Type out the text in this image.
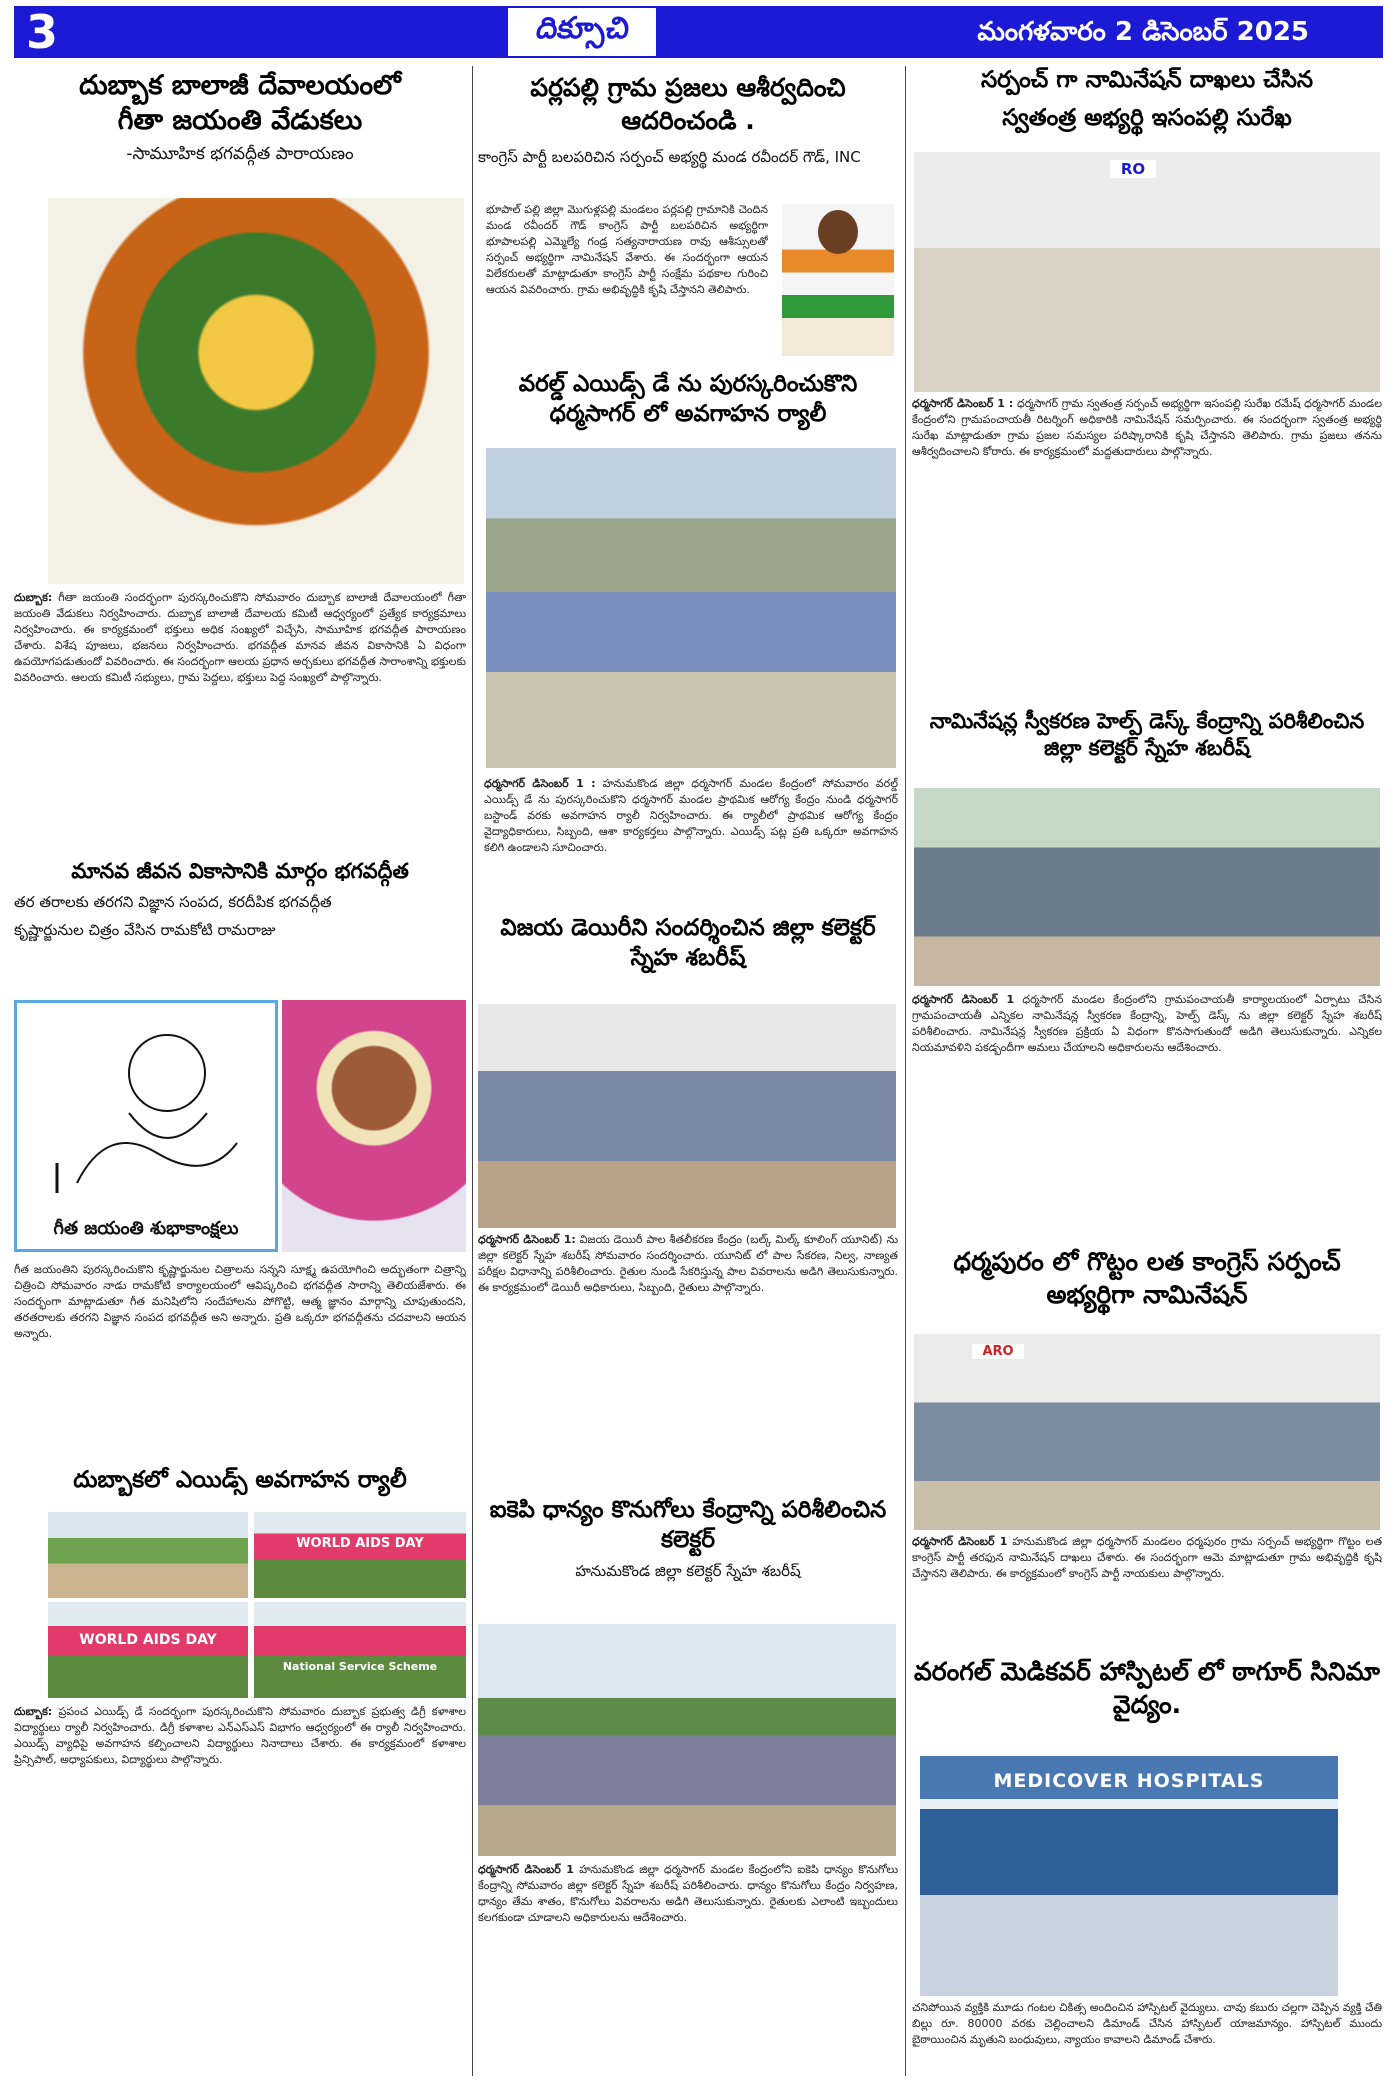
3	దిక్సూచి	మంగళవారం 2 డిసెంబర్ 2025
దుబ్బాక బాలాజీ దేవాలయంలో
గీతా జయంతి వేడుకలు
-సామూహిక భగవద్గీత పారాయణం
దుబ్బాక: గీతా జయంతి సందర్భంగా పురస్కరించుకొని సోమవారం దుబ్బాక బాలాజీ దేవాలయంలో గీతా జయంతి వేడుకలు నిర్వహించారు. దుబ్బాక బాలాజీ దేవాలయ కమిటీ ఆధ్వర్యంలో ప్రత్యేక కార్యక్రమాలు నిర్వహించారు. ఈ కార్యక్రమంలో భక్తులు అధిక సంఖ్యలో విచ్చేసి, సామూహిక భగవద్గీత పారాయణం చేశారు. విశేష పూజలు, భజనలు నిర్వహించారు. భగవద్గీత మానవ జీవన వికాసానికి ఏ విధంగా ఉపయోగపడుతుందో వివరించారు. ఈ సందర్భంగా ఆలయ ప్రధాన అర్చకులు భగవద్గీత సారాంశాన్ని భక్తులకు వివరించారు. ఆలయ కమిటీ సభ్యులు, గ్రామ పెద్దలు, భక్తులు పెద్ద సంఖ్యలో పాల్గొన్నారు.
మానవ జీవన వికాసానికి మార్గం భగవద్గీత
తర తరాలకు తరగని విజ్ఞాన సంపద, కరదీపిక భగవద్గీత
కృష్ణార్జునుల చిత్రం వేసిన రామకోటి రామరాజు
గీత జయంతి శుభాకాంక్షలు
గీత జయంతిని పురస్కరించుకొని కృష్ణార్జునుల చిత్రాలను సన్నని సూక్ష్మ ఉపయోగించి అద్భుతంగా చిత్రాన్ని చిత్రించి సోమవారం నాడు రామకోటి కార్యాలయంలో ఆవిష్కరించి భగవద్గీత సారాన్ని తెలియజేశారు. ఈ సందర్భంగా మాట్లాడుతూ గీత మనిషిలోని సందేహాలను పోగొట్టి, ఆత్మ జ్ఞానం మార్గాన్ని చూపుతుందని, తరతరాలకు తరగని విజ్ఞాన సంపద భగవద్గీత అని అన్నారు. ప్రతి ఒక్కరూ భగవద్గీతను చదవాలని ఆయన అన్నారు.
దుబ్బాకలో ఎయిడ్స్ అవగాహన ర్యాలీ
WORLD AIDS DAY
WORLD AIDS DAY
National Service Scheme
దుబ్బాక: ప్రపంచ ఎయిడ్స్ డే సందర్భంగా పురస్కరించుకొని సోమవారం దుబ్బాక ప్రభుత్వ డిగ్రీ కళాశాల విద్యార్థులు ర్యాలీ నిర్వహించారు. డిగ్రీ కళాశాల ఎన్ఎస్ఎస్ విభాగం ఆధ్వర్యంలో ఈ ర్యాలీ నిర్వహించారు. ఎయిడ్స్ వ్యాధిపై అవగాహన కల్పించాలని విద్యార్థులు నినాదాలు చేశారు. ఈ కార్యక్రమంలో కళాశాల ప్రిన్సిపాల్, అధ్యాపకులు, విద్యార్థులు పాల్గొన్నారు.
పర్లపల్లి గ్రామ ప్రజలు ఆశీర్వదించి ఆదరించండి .
కాంగ్రెస్ పార్టీ బలపరిచిన సర్పంచ్ అభ్యర్థి మండ రవీందర్ గౌడ్, INC
భూపాల్ పల్లి జిల్లా మొగుళ్లపల్లి మండలం పర్లపల్లి గ్రామానికి చెందిన మండ రవీందర్ గౌడ్ కాంగ్రెస్ పార్టీ బలపరిచిన అభ్యర్థిగా భూపాలపల్లి ఎమ్మెల్యే గండ్ర సత్యనారాయణ రావు ఆశీస్సులతో సర్పంచ్ అభ్యర్థిగా నామినేషన్ వేశారు. ఈ సందర్భంగా ఆయన విలేకరులతో మాట్లాడుతూ కాంగ్రెస్ పార్టీ సంక్షేమ పథకాల గురించి ఆయన వివరించారు. గ్రామ అభివృద్ధికి కృషి చేస్తానని తెలిపారు.
వరల్డ్ ఎయిడ్స్ డే ను పురస్కరించుకొని ధర్మసాగర్ లో అవగాహన ర్యాలీ
ధర్మసాగర్ డిసెంబర్ 1 : హనుమకొండ జిల్లా ధర్మసాగర్ మండల కేంద్రంలో సోమవారం వరల్డ్ ఎయిడ్స్ డే ను పురస్కరించుకొని ధర్మసాగర్ మండల ప్రాథమిక ఆరోగ్య కేంద్రం నుండి ధర్మసాగర్ బస్టాండ్ వరకు అవగాహన ర్యాలీ నిర్వహించారు. ఈ ర్యాలీలో ప్రాథమిక ఆరోగ్య కేంద్రం వైద్యాధికారులు, సిబ్బంది, ఆశా కార్యకర్తలు పాల్గొన్నారు. ఎయిడ్స్ పట్ల ప్రతి ఒక్కరూ అవగాహన కలిగి ఉండాలని సూచించారు.
విజయ డెయిరీని సందర్శించిన జిల్లా కలెక్టర్ స్నేహ శబరీష్
ధర్మసాగర్ డిసెంబర్ 1: విజయ డెయిరీ పాల శీతలీకరణ కేంద్రం (బల్క్ మిల్క్ కూలింగ్ యూనిట్) ను జిల్లా కలెక్టర్ స్నేహ శబరీష్ సోమవారం సందర్శించారు. యూనిట్ లో పాల సేకరణ, నిల్వ, నాణ్యత పరీక్షల విధానాన్ని పరిశీలించారు. రైతుల నుండి సేకరిస్తున్న పాల వివరాలను అడిగి తెలుసుకున్నారు. ఈ కార్యక్రమంలో డెయిరీ అధికారులు, సిబ్బంది, రైతులు పాల్గొన్నారు.
ఐకెపి ధాన్యం కొనుగోలు కేంద్రాన్ని పరిశీలించిన కలెక్టర్
హనుమకొండ జిల్లా కలెక్టర్ స్నేహ శబరీష్
ధర్మసాగర్ డిసెంబర్ 1 హనుమకొండ జిల్లా ధర్మసాగర్ మండల కేంద్రంలోని ఐకెపి ధాన్యం కొనుగోలు కేంద్రాన్ని సోమవారం జిల్లా కలెక్టర్ స్నేహ శబరీష్ పరిశీలించారు. ధాన్యం కొనుగోలు కేంద్రం నిర్వహణ, ధాన్యం తేమ శాతం, కొనుగోలు వివరాలను అడిగి తెలుసుకున్నారు. రైతులకు ఎలాంటి ఇబ్బందులు కలగకుండా చూడాలని అధికారులను ఆదేశించారు.
సర్పంచ్ గా నామినేషన్ దాఖలు చేసిన
స్వతంత్ర అభ్యర్థి ఇసంపల్లి సురేఖ
RO
ధర్మసాగర్ డిసెంబర్ 1 : ధర్మసాగర్ గ్రామ స్వతంత్ర సర్పంచ్ అభ్యర్థిగా ఇసంపల్లి సురేఖ రమేష్ ధర్మసాగర్ మండల కేంద్రంలోని గ్రామపంచాయతీ రిటర్నింగ్ అధికారికి నామినేషన్ సమర్పించారు. ఈ సందర్భంగా స్వతంత్ర అభ్యర్థి సురేఖ మాట్లాడుతూ గ్రామ ప్రజల సమస్యల పరిష్కారానికి కృషి చేస్తానని తెలిపారు. గ్రామ ప్రజలు తనను ఆశీర్వదించాలని కోరారు. ఈ కార్యక్రమంలో మద్దతుదారులు పాల్గొన్నారు.
నామినేషన్ల స్వీకరణ హెల్ప్ డెస్క్ కేంద్రాన్ని పరిశీలించిన జిల్లా కలెక్టర్ స్నేహ శబరీష్
ధర్మసాగర్ డిసెంబర్ 1 ధర్మసాగర్ మండల కేంద్రంలోని గ్రామపంచాయతీ కార్యాలయంలో ఏర్పాటు చేసిన గ్రామపంచాయతీ ఎన్నికల నామినేషన్ల స్వీకరణ కేంద్రాన్ని, హెల్ప్ డెస్క్ ను జిల్లా కలెక్టర్ స్నేహ శబరీష్ పరిశీలించారు. నామినేషన్ల స్వీకరణ ప్రక్రియ ఏ విధంగా కొనసాగుతుందో అడిగి తెలుసుకున్నారు. ఎన్నికల నియమావళిని పకడ్బందీగా అమలు చేయాలని అధికారులను ఆదేశించారు.
ధర్మపురం లో గొట్టం లత కాంగ్రెస్ సర్పంచ్ అభ్యర్థిగా నామినేషన్
ARO
ధర్మసాగర్ డిసెంబర్ 1 హనుమకొండ జిల్లా ధర్మసాగర్ మండలం ధర్మపురం గ్రామ సర్పంచ్ అభ్యర్థిగా గొట్టం లత కాంగ్రెస్ పార్టీ తరఫున నామినేషన్ దాఖలు చేశారు. ఈ సందర్భంగా ఆమె మాట్లాడుతూ గ్రామ అభివృద్ధికి కృషి చేస్తానని తెలిపారు. ఈ కార్యక్రమంలో కాంగ్రెస్ పార్టీ నాయకులు పాల్గొన్నారు.
వరంగల్ మెడికవర్ హాస్పిటల్ లో ఠాగూర్ సినిమా వైద్యం.
MEDICOVER HOSPITALS
చనిపోయిన వ్యక్తికి మూడు గంటల చికిత్స అందించిన హాస్పిటల్ వైద్యులు. చావు కబురు చల్లగా చెప్పిన వ్యక్తి చేతి బిల్లు రూ. 80000 వరకు చెల్లించాలని డిమాండ్ చేసిన హాస్పిటల్ యాజమాన్యం. హాస్పిటల్ ముందు బైఠాయించిన మృతుని బంధువులు, న్యాయం కావాలని డిమాండ్ చేశారు.
